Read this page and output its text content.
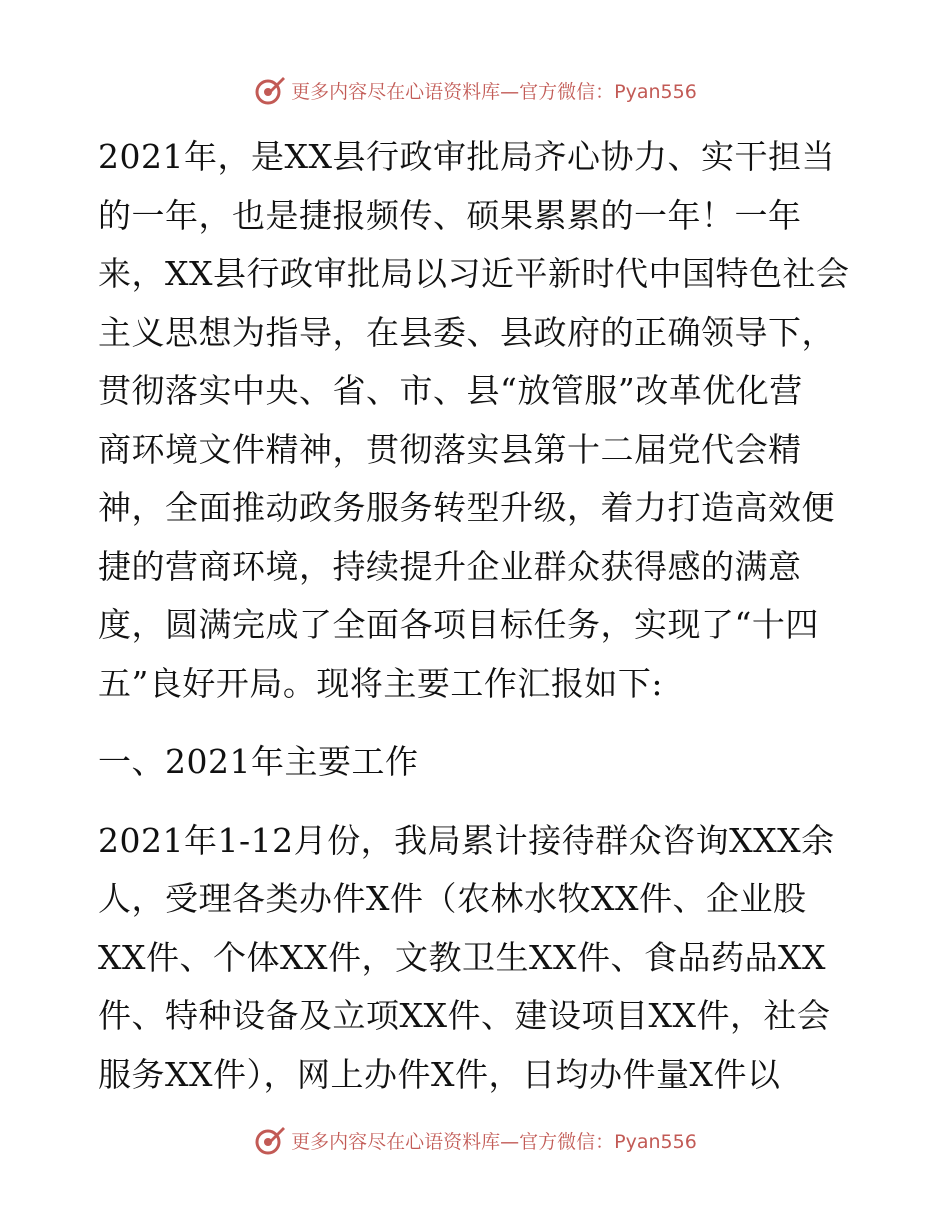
更多内容尽在心语资料库—官方微信：Pyan556
2021年，是XX县行政审批局齐心协力、实干担当
的一年，也是捷报频传、硕果累累的一年！一年
来，XX县行政审批局以习近平新时代中国特色社会
主义思想为指导，在县委、县政府的正确领导下，
贯彻落实中央、省、市、县“放管服”改革优化营
商环境文件精神，贯彻落实县第十二届党代会精
神，全面推动政务服务转型升级，着力打造高效便
捷的营商环境，持续提升企业群众获得感的满意
度，圆满完成了全面各项目标任务，实现了“十四
五”良好开局。现将主要工作汇报如下:
一、2021年主要工作
2021年1-12月份，我局累计接待群众咨询XXX余
人，受理各类办件X件（农林水牧XX件、企业股
XX件、个体XX件，文教卫生XX件、食品药品XX
件、特种设备及立项XX件、建设项目XX件，社会
服务XX件），网上办件X件，日均办件量X件以
更多内容尽在心语资料库—官方微信：Pyan556
